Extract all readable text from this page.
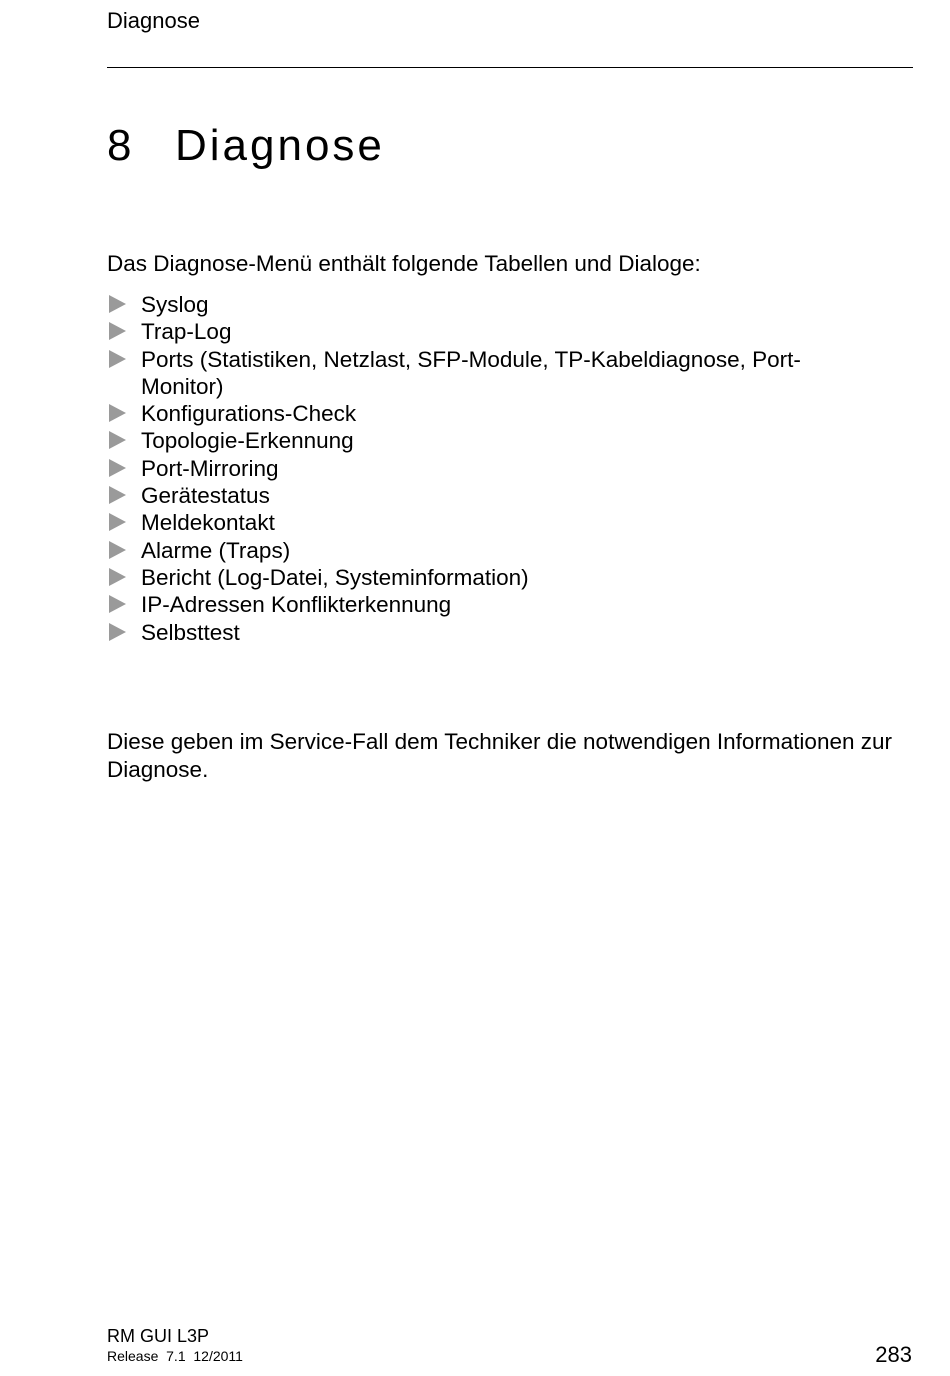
Diagnose
8 Diagnose

Das Diagnose-Menü enthält folgende Tabellen und Dialoge:

Syslog
Trap-Log
Ports (Statistiken, Netzlast, SFP-Module, TP-Kabeldiagnose, Port-Monitor)
Konfigurations-Check
Topologie-Erkennung
Port-Mirroring
Gerätestatus
Meldekontakt
Alarme (Traps)
Bericht (Log-Datei, Systeminformation)
IP-Adressen Konflikterkennung
Selbsttest

Diese geben im Service-Fall dem Techniker die notwendigen Informationen zur Diagnose.

RM GUI L3P
Release  7.1  12/2011	283
